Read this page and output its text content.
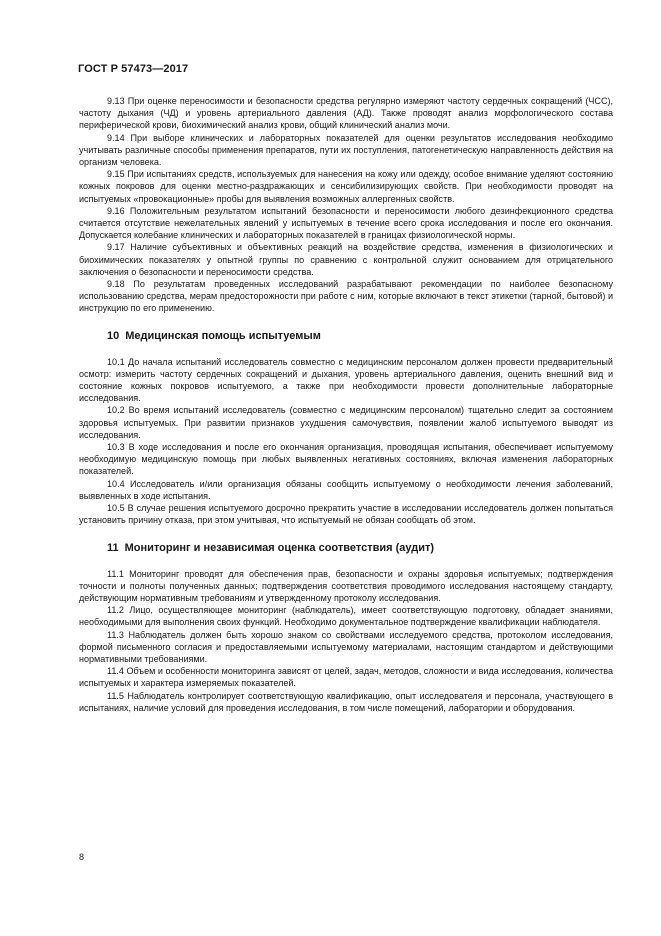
ГОСТ Р 57473—2017

9.13 При оценке переносимости и безопасности средства регулярно измеряют частоту сердечных сокращений (ЧСС), частоту дыхания (ЧД) и уровень артериального давления (АД). Также проводят анализ морфологического состава периферической крови, биохимический анализ крови, общий клинический анализ мочи.

9.14 При выборе клинических и лабораторных показателей для оценки результатов исследования необходимо учитывать различные способы применения препаратов, пути их поступления, патогенетическую направленность действия на организм человека.

9.15 При испытаниях средств, используемых для нанесения на кожу или одежду, особое внимание уделяют состоянию кожных покровов для оценки местно-раздражающих и сенсибилизирующих свойств. При необходимости проводят на испытуемых «провокационные» пробы для выявления возможных аллергенных свойств.

9.16 Положительным результатом испытаний безопасности и переносимости любого дезинфекционного средства считается отсутствие нежелательных явлений у испытуемых в течение всего срока исследования и после его окончания. Допускается колебание клинических и лабораторных показателей в границах физиологической нормы.

9.17 Наличие субъективных и объективных реакций на воздействие средства, изменения в физиологических и биохимических показателях у опытной группы по сравнению с контрольной служит основанием для отрицательного заключения о безопасности и переносимости средства.

9.18 По результатам проведенных исследований разрабатывают рекомендации по наиболее безопасному использованию средства, мерам предосторожности при работе с ним, которые включают в текст этикетки (тарной, бытовой) и инструкцию по его применению.

10 Медицинская помощь испытуемым

10.1 До начала испытаний исследователь совместно с медицинским персоналом должен провести предварительный осмотр: измерить частоту сердечных сокращений и дыхания, уровень артериального давления, оценить внешний вид и состояние кожных покровов испытуемого, а также при необходимости провести дополнительные лабораторные исследования.

10.2 Во время испытаний исследователь (совместно с медицинским персоналом) тщательно следит за состоянием здоровья испытуемых. При развитии признаков ухудшения самочувствия, появлении жалоб испытуемого выводят из исследования.

10.3 В ходе исследования и после его окончания организация, проводящая испытания, обеспечивает испытуемому необходимую медицинскую помощь при любых выявленных негативных состояниях, включая изменения лабораторных показателей.

10.4 Исследователь и/или организация обязаны сообщить испытуемому о необходимости лечения заболеваний, выявленных в ходе испытания.

10.5 В случае решения испытуемого досрочно прекратить участие в исследовании исследователь должен попытаться установить причину отказа, при этом учитывая, что испытуемый не обязан сообщать об этом.

11 Мониторинг и независимая оценка соответствия (аудит)

11.1 Мониторинг проводят для обеспечения прав, безопасности и охраны здоровья испытуемых; подтверждения точности и полноты полученных данных; подтверждения соответствия проводимого исследования настоящему стандарту, действующим нормативным требованиям и утвержденному протоколу исследования.

11.2 Лицо, осуществляющее мониторинг (наблюдатель), имеет соответствующую подготовку, обладает знаниями, необходимыми для выполнения своих функций. Необходимо документальное подтверждение квалификации наблюдателя.

11.3 Наблюдатель должен быть хорошо знаком со свойствами исследуемого средства, протоколом исследования, формой письменного согласия и предоставляемыми испытуемому материалами, настоящим стандартом и действующими нормативными требованиями.

11.4 Объем и особенности мониторинга зависят от целей, задач, методов, сложности и вида исследования, количества испытуемых и характера измеряемых показателей.

11.5 Наблюдатель контролирует соответствующую квалификацию, опыт исследователя и персонала, участвующего в испытаниях, наличие условий для проведения исследования, в том числе помещений, лаборатории и оборудования.

8
